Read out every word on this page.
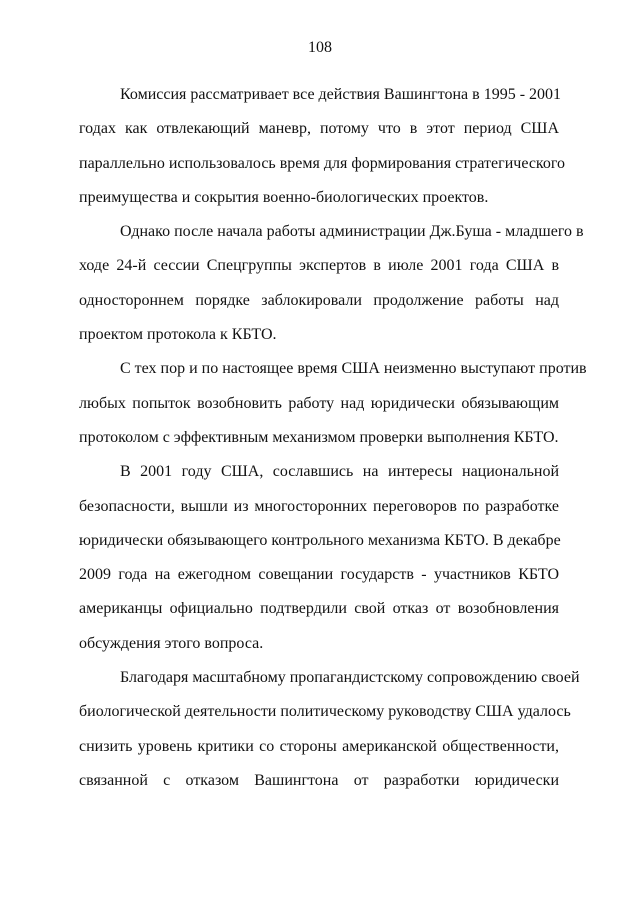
108
Комиссия рассматривает все действия Вашингтона в 1995 - 2001
годах как отвлекающий маневр, потому что в этот период США
параллельно использовалось время для формирования стратегического
преимущества и сокрытия военно-биологических проектов.
Однако после начала работы администрации Дж.Буша - младшего в
ходе 24-й сессии Спецгруппы экспертов в июле 2001 года США в
одностороннем порядке заблокировали продолжение работы над
проектом протокола к КБТО.
С тех пор и по настоящее время США неизменно выступают против
любых попыток возобновить работу над юридически обязывающим
протоколом с эффективным механизмом проверки выполнения КБТО.
В 2001 году США, сославшись на интересы национальной
безопасности, вышли из многосторонних переговоров по разработке
юридически обязывающего контрольного механизма КБТО. В декабре
2009 года на ежегодном совещании государств - участников КБТО
американцы официально подтвердили свой отказ от возобновления
обсуждения этого вопроса.
Благодаря масштабному пропагандистскому сопровождению своей
биологической деятельности политическому руководству США удалось
снизить уровень критики со стороны американской общественности,
связанной с отказом Вашингтона от разработки юридически
